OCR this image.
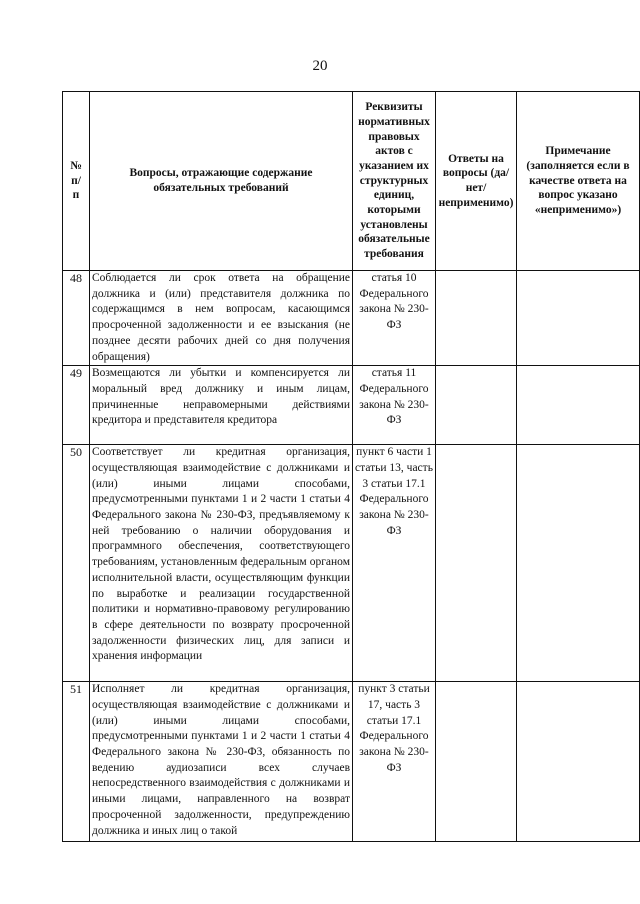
20
№ п/п	Вопросы, отражающие содержание обязательных требований	Реквизиты нормативных правовых актов с указанием их структурных единиц, которыми установлены обязательные требования	Ответы на вопросы (да/нет/ неприменимо)	Примечание (заполняется если в качестве ответа на вопрос указано «неприменимо»)
48	Соблюдается ли срок ответа на обращение должника и (или) представителя должника по содержащимся в нем вопросам, касающимся просроченной задолженности и ее взыскания (не позднее десяти рабочих дней со дня получения обращения)	статья 10 Федерального закона № 230-ФЗ		
49	Возмещаются ли убытки и компенсируется ли моральный вред должнику и иным лицам, причиненные неправомерными действиями кредитора и представителя кредитора	статья 11 Федерального закона № 230-ФЗ		
50	Соответствует ли кредитная организация, осуществляющая взаимодействие с должниками и (или) иными лицами способами, предусмотренными пунктами 1 и 2 части 1 статьи 4 Федерального закона № 230-ФЗ, предъявляемому к ней требованию о наличии оборудования и программного обеспечения, соответствующего требованиям, установленным федеральным органом исполнительной власти, осуществляющим функции по выработке и реализации государственной политики и нормативно-правовому регулированию в сфере деятельности по возврату просроченной задолженности физических лиц, для записи и хранения информации	пункт 6 части 1 статьи 13, часть 3 статьи 17.1 Федерального закона № 230-ФЗ		
51	Исполняет ли кредитная организация, осуществляющая взаимодействие с должниками и (или) иными лицами способами, предусмотренными пунктами 1 и 2 части 1 статьи 4 Федерального закона № 230-ФЗ, обязанность по ведению аудиозаписи всех случаев непосредственного взаимодействия с должниками и иными лицами, направленного на возврат просроченной задолженности, предупреждению должника и иных лиц о такой	пункт 3 статьи 17, часть 3 статьи 17.1 Федерального закона № 230-ФЗ		
